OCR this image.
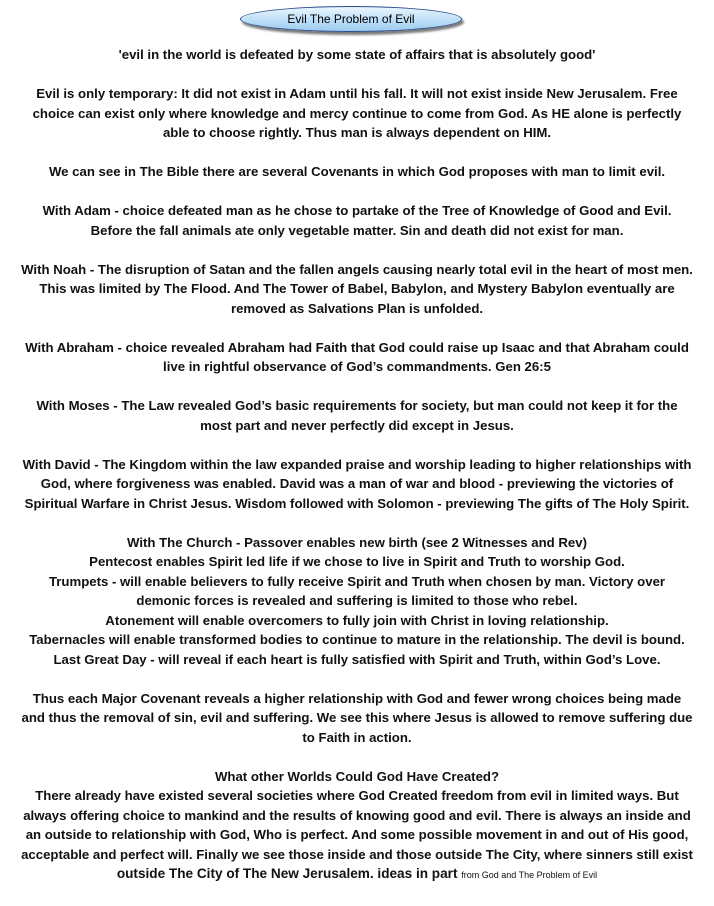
Evil The Problem of Evil

'evil in the world is defeated by some state of affairs that is absolutely good'

Evil is only temporary: It did not exist in Adam until his fall. It will not exist inside New Jerusalem. Free
choice can exist only where knowledge and mercy continue to come from God. As HE alone is perfectly
able to choose rightly. Thus man is always dependent on HIM.

We can see in The Bible there are several Covenants in which God proposes with man to limit evil.

With Adam - choice defeated man as he chose to partake of the Tree of Knowledge of Good and Evil.
Before the fall animals ate only vegetable matter. Sin and death did not exist for man.

With Noah - The disruption of Satan and the fallen angels causing nearly total evil in the heart of most men.
This was limited by The Flood. And The Tower of Babel, Babylon, and Mystery Babylon eventually are
removed as Salvations Plan is unfolded.

With Abraham - choice revealed Abraham had Faith that God could raise up Isaac and that Abraham could
live in rightful observance of God’s commandments. Gen 26:5

With Moses - The Law revealed God’s basic requirements for society, but man could not keep it for the
most part and never perfectly did except in Jesus.

With David - The Kingdom within the law expanded praise and worship leading to higher relationships with
God, where forgiveness was enabled. David was a man of war and blood - previewing the victories of
Spiritual Warfare in Christ Jesus. Wisdom followed with Solomon - previewing The gifts of The Holy Spirit.

With The Church - Passover enables new birth (see 2 Witnesses and Rev)
Pentecost enables Spirit led life if we chose to live in Spirit and Truth to worship God.
Trumpets - will enable believers to fully receive Spirit and Truth when chosen by man. Victory over
demonic forces is revealed and suffering is limited to those who rebel.
Atonement will enable overcomers to fully join with Christ in loving relationship.
Tabernacles will enable transformed bodies to continue to mature in the relationship. The devil is bound.
Last Great Day - will reveal if each heart is fully satisfied with Spirit and Truth, within God’s Love.

Thus each Major Covenant reveals a higher relationship with God and fewer wrong choices being made
and thus the removal of sin, evil and suffering. We see this where Jesus is allowed to remove suffering due
to Faith in action.

What other Worlds Could God Have Created?
There already have existed several societies where God Created freedom from evil in limited ways. But
always offering choice to mankind and the results of knowing good and evil. There is always an inside and
an outside to relationship with God, Who is perfect. And some possible movement in and out of His good,
acceptable and perfect will. Finally we see those inside and those outside The City, where sinners still exist
outside The City of The New Jerusalem. ideas in part from God and The Problem of Evil
